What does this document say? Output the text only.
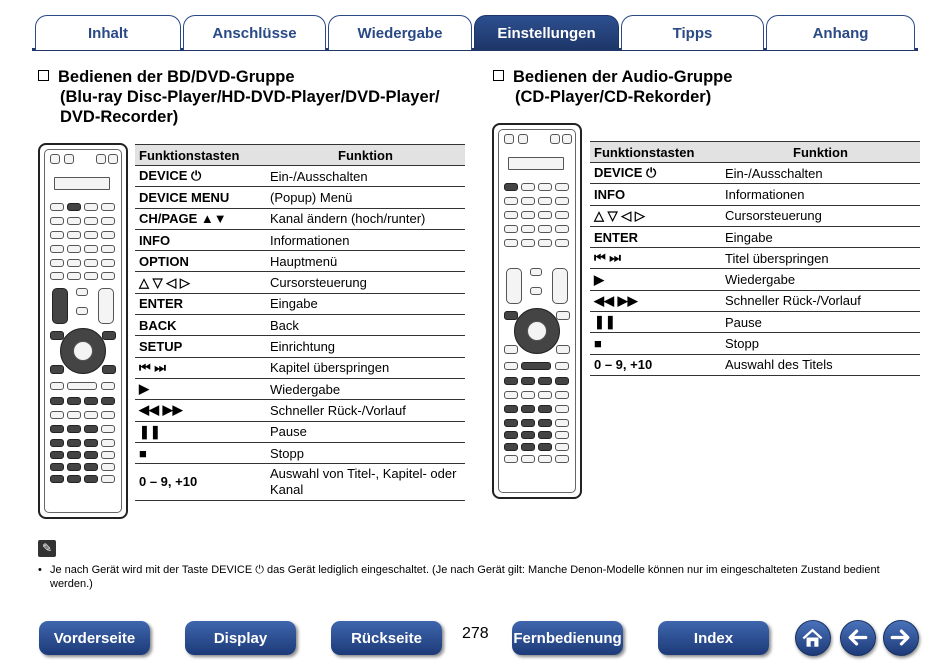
Inhalt	Anschlüsse	Wiedergabe	Einstellungen	Tipps	Anhang
Bedienen der BD/DVD-Gruppe
(Blu-ray Disc-Player/HD-DVD-Player/DVD-Player/
DVD-Recorder)
Bedienen der Audio-Gruppe
(CD-Player/CD-Rekorder)
Funktionstasten	Funktion
DEVICE ⏻	Ein-/Ausschalten
DEVICE MENU	(Popup) Menü
CH/PAGE ▲▼	Kanal ändern (hoch/runter)
INFO	Informationen
OPTION	Hauptmenü
△ ▽ ◁ ▷	Cursorsteuerung
ENTER	Eingabe
BACK	Back
SETUP	Einrichtung
⏮ ⏭	Kapitel überspringen
▶	Wiedergabe
◀◀ ▶▶	Schneller Rück-/Vorlauf
❚❚	Pause
■	Stopp
0 – 9, +10	Auswahl von Titel-, Kapitel- oder Kanal
Funktionstasten	Funktion
DEVICE ⏻	Ein-/Ausschalten
INFO	Informationen
△ ▽ ◁ ▷	Cursorsteuerung
ENTER	Eingabe
⏮ ⏭	Titel überspringen
▶	Wiedergabe
◀◀ ▶▶	Schneller Rück-/Vorlauf
❚❚	Pause
■	Stopp
0 – 9, +10	Auswahl des Titels
✎
• Je nach Gerät wird mit der Taste DEVICE ⏻ das Gerät lediglich eingeschaltet. (Je nach Gerät gilt: Manche Denon-Modelle können nur im eingeschalteten Zustand bedient
werden.)
Vorderseite	Display	Rückseite	278 Fernbedienung	Index
